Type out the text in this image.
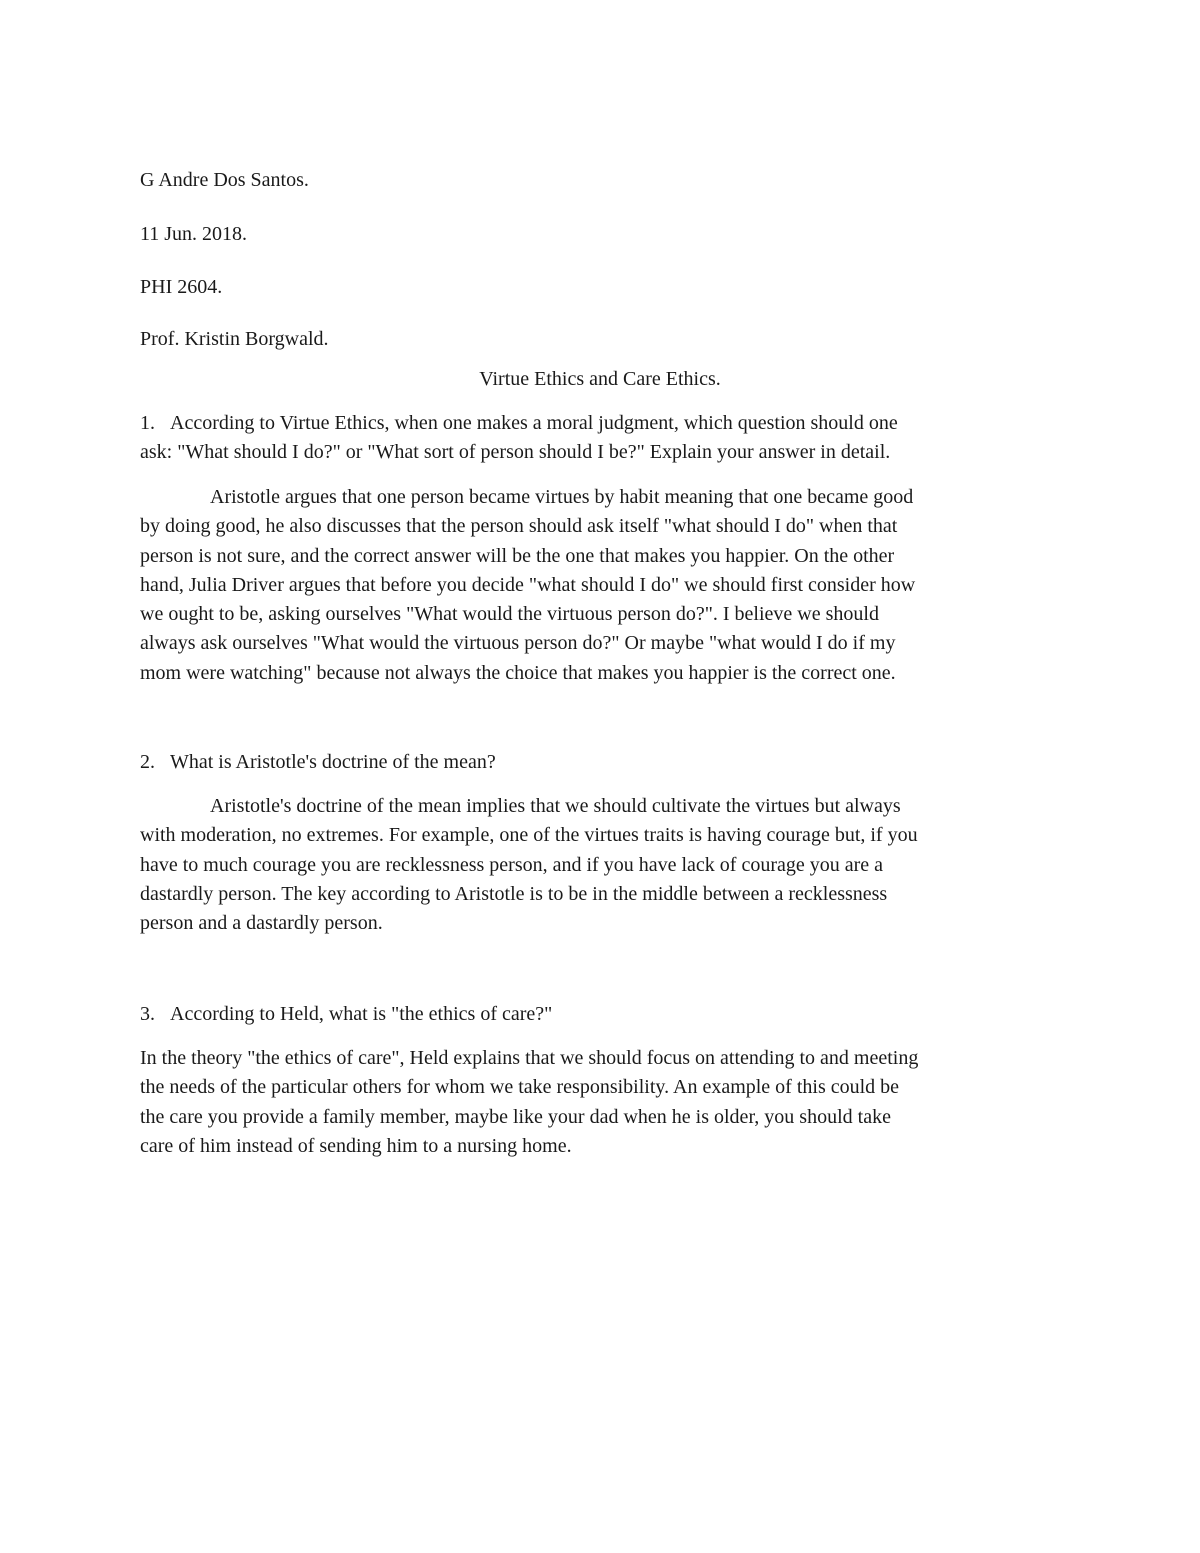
G Andre Dos Santos.
11 Jun. 2018.
PHI 2604.
Prof. Kristin Borgwald.
Virtue Ethics and Care Ethics.
1. According to Virtue Ethics, when one makes a moral judgment, which question should one
ask: "What should I do?" or "What sort of person should I be?" Explain your answer in detail.
Aristotle argues that one person became virtues by habit meaning that one became good
by doing good, he also discusses that the person should ask itself "what should I do" when that
person is not sure, and the correct answer will be the one that makes you happier. On the other
hand, Julia Driver argues that before you decide "what should I do" we should first consider how
we ought to be, asking ourselves "What would the virtuous person do?". I believe we should
always ask ourselves "What would the virtuous person do?" Or maybe "what would I do if my
mom were watching" because not always the choice that makes you happier is the correct one.
2. What is Aristotle's doctrine of the mean?
Aristotle's doctrine of the mean implies that we should cultivate the virtues but always
with moderation, no extremes. For example, one of the virtues traits is having courage but, if you
have to much courage you are recklessness person, and if you have lack of courage you are a
dastardly person. The key according to Aristotle is to be in the middle between a recklessness
person and a dastardly person.
3. According to Held, what is "the ethics of care?"
In the theory "the ethics of care", Held explains that we should focus on attending to and meeting
the needs of the particular others for whom we take responsibility. An example of this could be
the care you provide a family member, maybe like your dad when he is older, you should take
care of him instead of sending him to a nursing home.
